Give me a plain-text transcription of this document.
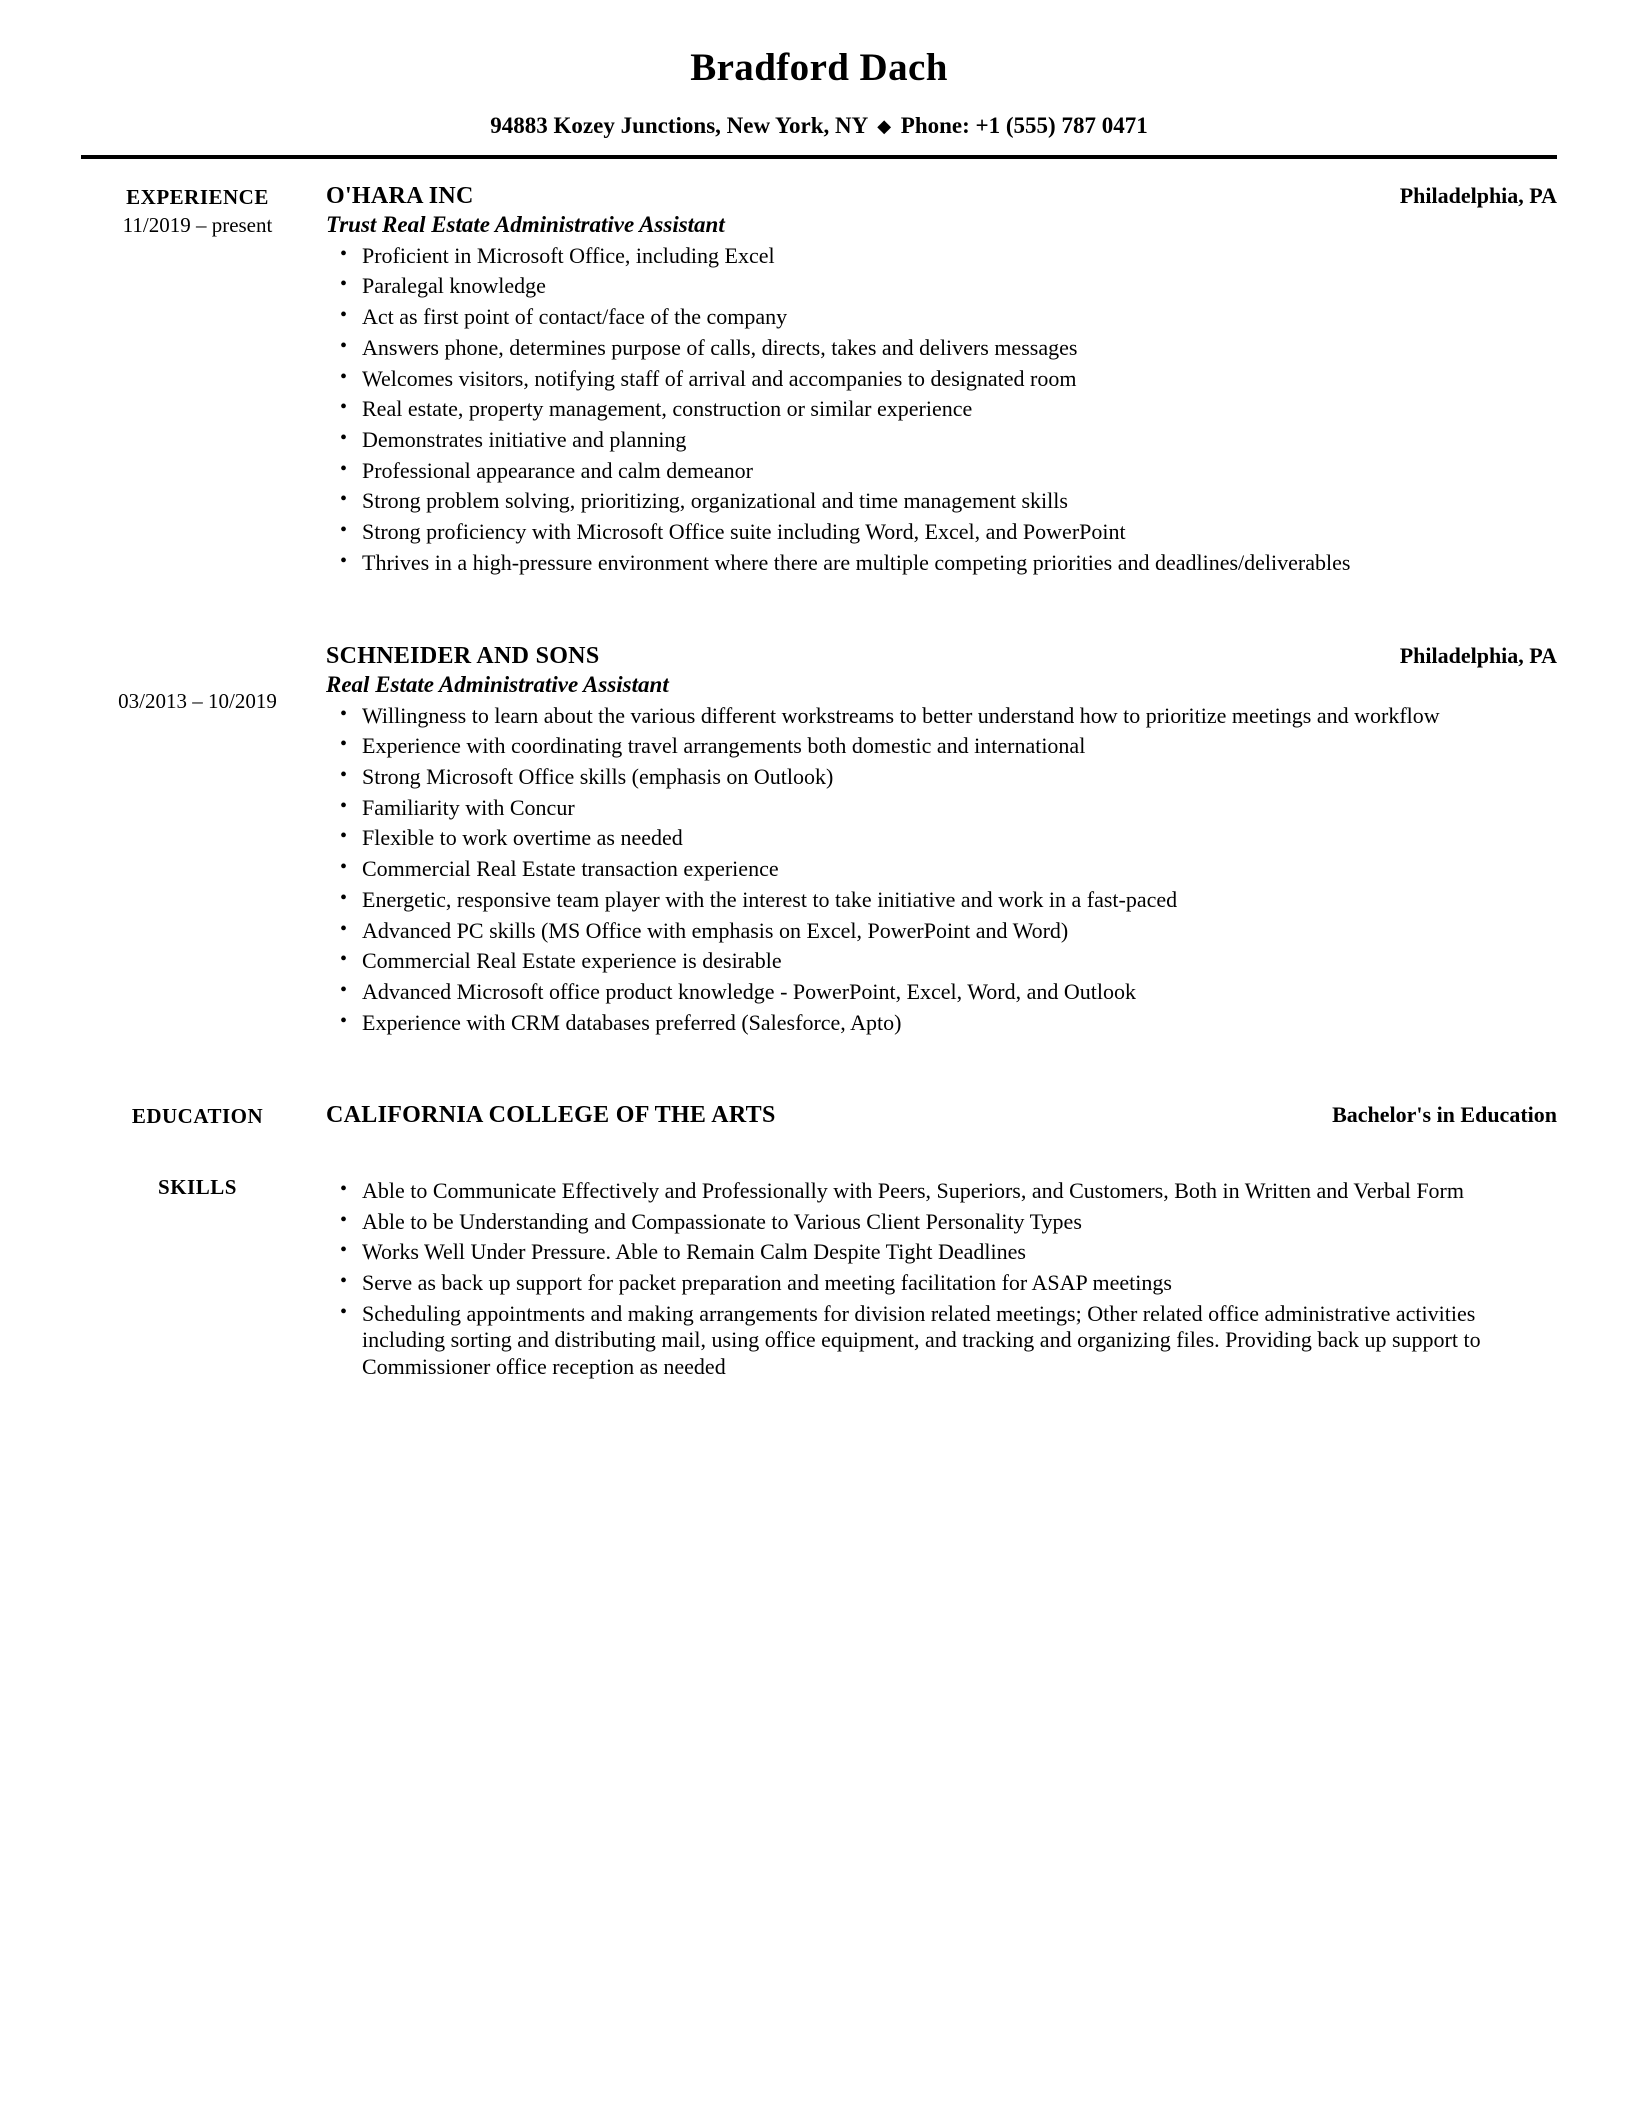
Bradford Dach
94883 Kozey Junctions, New York, NY ◆ Phone: +1 (555) 787 0471
EXPERIENCE
11/2019 – present
O'HARA INC	Philadelphia, PA
Trust Real Estate Administrative Assistant
• Proficient in Microsoft Office, including Excel
• Paralegal knowledge
• Act as first point of contact/face of the company
• Answers phone, determines purpose of calls, directs, takes and delivers messages
• Welcomes visitors, notifying staff of arrival and accompanies to designated room
• Real estate, property management, construction or similar experience
• Demonstrates initiative and planning
• Professional appearance and calm demeanor
• Strong problem solving, prioritizing, organizational and time management skills
• Strong proficiency with Microsoft Office suite including Word, Excel, and PowerPoint
• Thrives in a high-pressure environment where there are multiple competing priorities and deadlines/deliverables
03/2013 – 10/2019
SCHNEIDER AND SONS	Philadelphia, PA
Real Estate Administrative Assistant
• Willingness to learn about the various different workstreams to better understand how to prioritize meetings and workflow
• Experience with coordinating travel arrangements both domestic and international
• Strong Microsoft Office skills (emphasis on Outlook)
• Familiarity with Concur
• Flexible to work overtime as needed
• Commercial Real Estate transaction experience
• Energetic, responsive team player with the interest to take initiative and work in a fast-paced
• Advanced PC skills (MS Office with emphasis on Excel, PowerPoint and Word)
• Commercial Real Estate experience is desirable
• Advanced Microsoft office product knowledge - PowerPoint, Excel, Word, and Outlook
• Experience with CRM databases preferred (Salesforce, Apto)
EDUCATION	CALIFORNIA COLLEGE OF THE ARTS	Bachelor's in Education
SKILLS	• Able to Communicate Effectively and Professionally with Peers, Superiors, and Customers, Both in Written and Verbal Form
• Able to be Understanding and Compassionate to Various Client Personality Types
• Works Well Under Pressure. Able to Remain Calm Despite Tight Deadlines
• Serve as back up support for packet preparation and meeting facilitation for ASAP meetings
• Scheduling appointments and making arrangements for division related meetings; Other related office administrative activities including sorting and distributing mail, using office equipment, and tracking and organizing files. Providing back up support to Commissioner office reception as needed
